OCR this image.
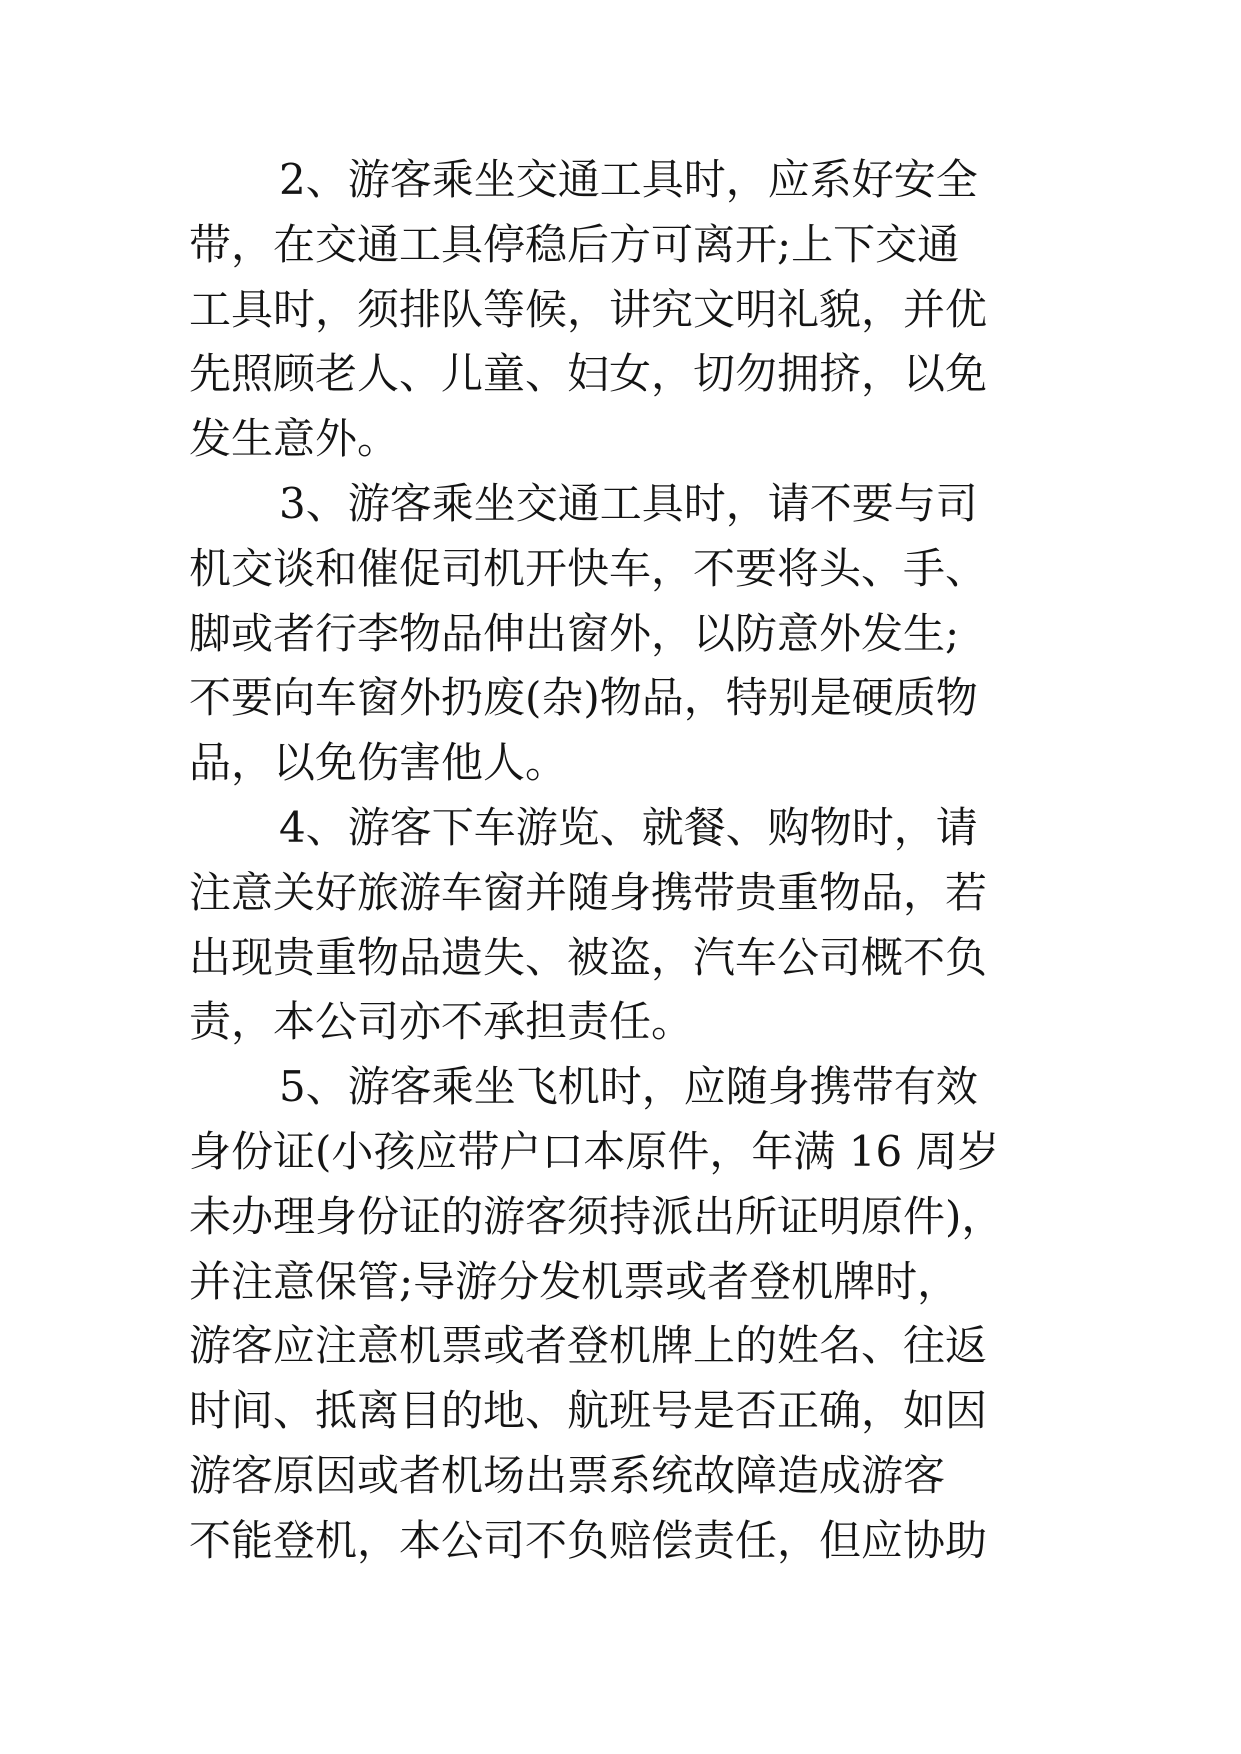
2、游客乘坐交通工具时，应系好安全
带，在交通工具停稳后方可离开;上下交通
工具时，须排队等候，讲究文明礼貌，并优
先照顾老人、儿童、妇女，切勿拥挤，以免
发生意外。
3、游客乘坐交通工具时，请不要与司
机交谈和催促司机开快车，不要将头、手、
脚或者行李物品伸出窗外，以防意外发生;
不要向车窗外扔废(杂)物品，特别是硬质物
品，以免伤害他人。
4、游客下车游览、就餐、购物时，请
注意关好旅游车窗并随身携带贵重物品，若
出现贵重物品遗失、被盗，汽车公司概不负
责，本公司亦不承担责任。
5、游客乘坐飞机时，应随身携带有效
身份证(小孩应带户口本原件，年满 16 周岁
未办理身份证的游客须持派出所证明原件)，
并注意保管;导游分发机票或者登机牌时，
游客应注意机票或者登机牌上的姓名、往返
时间、抵离目的地、航班号是否正确，如因
游客原因或者机场出票系统故障造成游客
不能登机，本公司不负赔偿责任，但应协助
